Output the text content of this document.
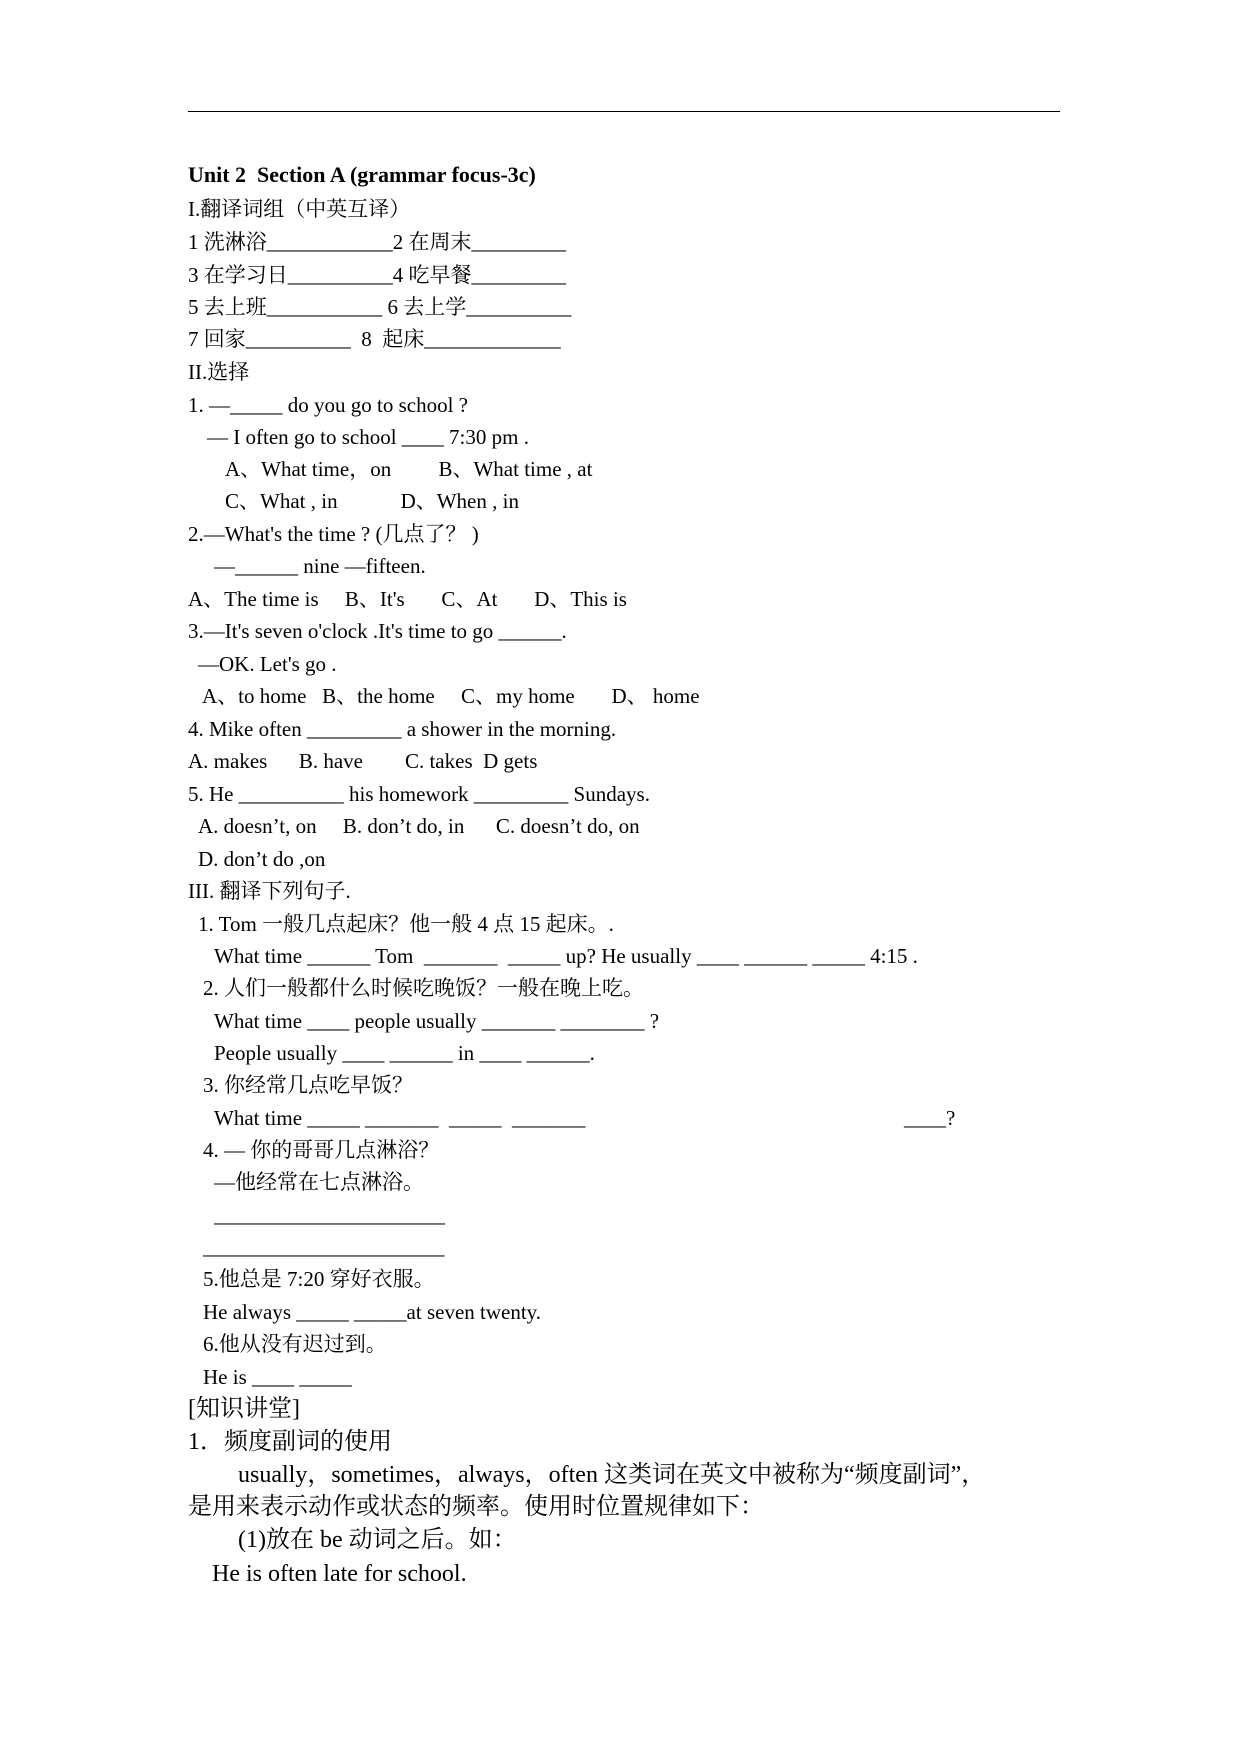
Unit 2  Section A (grammar focus-3c)
I.翻译词组（中英互译）
1 洗淋浴____________2 在周末_________
3 在学习日__________4 吃早餐_________
5 去上班___________ 6 去上学__________
7 回家__________  8  起床_____________
II.选择
1. —_____ do you go to school ?
— I often go to school ____ 7:30 pm .
A、What time，on         B、What time , at
C、What , in            D、When , in
2.—What's the time ? (几点了？ )
—______ nine —fifteen.
A、The time is     B、It's       C、At       D、This is
3.—It's seven o'clock .It's time to go ______.
—OK. Let's go .
A、to home   B、the home     C、my home       D、 home
4. Mike often _________ a shower in the morning.
A. makes      B. have        C. takes  D gets
5. He __________ his homework _________ Sundays.
A. doesn’t, on     B. don’t do, in      C. doesn’t do, on
D. don’t do ,on
III. 翻译下列句子.
1. Tom 一般几点起床？他一般 4 点 15 起床。.
What time ______ Tom  _______  _____ up? He usually ____ ______ _____ 4:15 .
2. 人们一般都什么时候吃晚饭？一般在晚上吃。
What time ____ people usually _______ ________ ?
People usually ____ ______ in ____ ______.
3. 你经常几点吃早饭？
What time _____ _______  _____  _______	____?
4. — 你的哥哥几点淋浴？
—他经常在七点淋浴。
______________________
_______________________
5.他总是 7:20 穿好衣服。
He always _____ _____at seven twenty.
6.他从没有迟过到。
He is ____ _____
[知识讲堂]
1．频度副词的使用
usually，sometimes，always，often 这类词在英文中被称为“频度副词”，
是用来表示动作或状态的频率。使用时位置规律如下：
(1)放在 be 动词之后。如：
He is often late for school.
